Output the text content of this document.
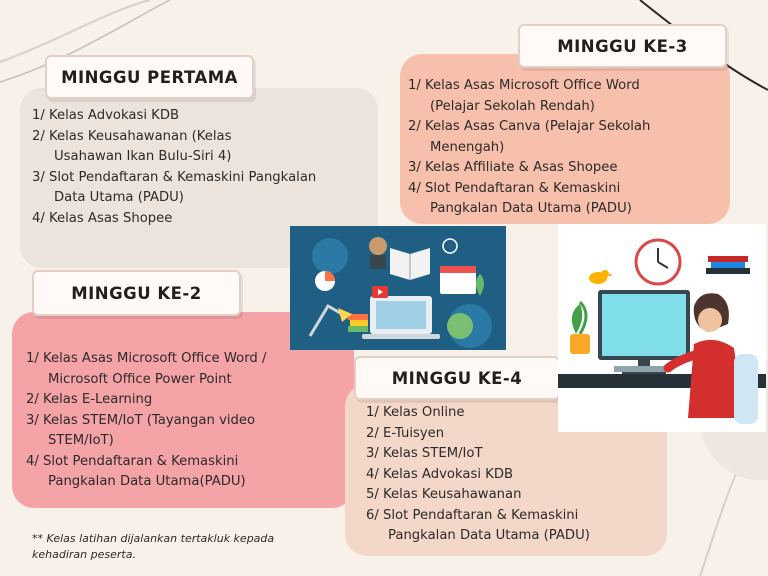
MINGGU PERTAMA
1/ Kelas Advokasi KDB
2/ Kelas Keusahawanan (Kelas
Usahawan Ikan Bulu-Siri 4)
3/ Slot Pendaftaran & Kemaskini Pangkalan
Data Utama (PADU)
4/ Kelas Asas Shopee
MINGGU KE-3
1/ Kelas Asas Microsoft Office Word
(Pelajar Sekolah Rendah)
2/ Kelas Asas Canva (Pelajar Sekolah
Menengah)
3/ Kelas Affiliate & Asas Shopee
4/ Slot Pendaftaran & Kemaskini
Pangkalan Data Utama (PADU)
MINGGU KE-2
1/ Kelas Asas Microsoft Office Word /
Microsoft Office Power Point
2/ Kelas E-Learning
3/ Kelas STEM/IoT (Tayangan video
STEM/IoT)
4/ Slot Pendaftaran & Kemaskini
Pangkalan Data Utama(PADU)
MINGGU KE-4
1/ Kelas Online
2/ E-Tuisyen
3/ Kelas STEM/IoT
4/ Kelas Advokasi KDB
5/ Kelas Keusahawanan
6/ Slot Pendaftaran & Kemaskini
Pangkalan Data Utama (PADU)
** Kelas latihan dijalankan tertakluk kepada kehadiran peserta.
